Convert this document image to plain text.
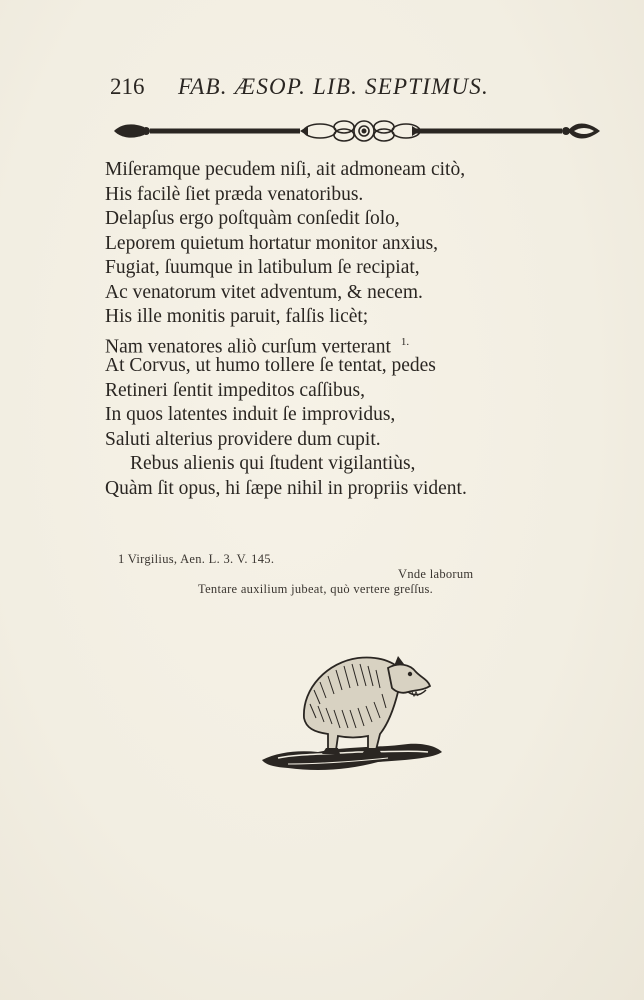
216 FAB. ÆSOP. LIB. SEPTIMUS.
Miſeramque pecudem niſi, ait admoneam citò,
His facilè ſiet præda venatoribus.
Delapſus ergo poſtquàm conſedit ſolo,
Leporem quietum hortatur monitor anxius,
Fugiat, ſuumque in latibulum ſe recipiat,
Ac venatorum vitet adventum, & necem.
His ille monitis paruit, falſis licèt;
Nam venatores aliò curſum verterant $^{1.}$
At Corvus, ut humo tollere ſe tentat, pedes
Retineri ſentit impeditos caſſibus,
In quos latentes induit ſe improvidus,
Saluti alterius providere dum cupit.
Rebus alienis qui ſtudent vigilantiùs,
Quàm ſit opus, hi ſæpe nihil in propriis vident.
1 Virgilius, Aen. L. 3. V. 145.
Vnde laborum
Tentare auxilium jubeat, quò vertere greſſus.
